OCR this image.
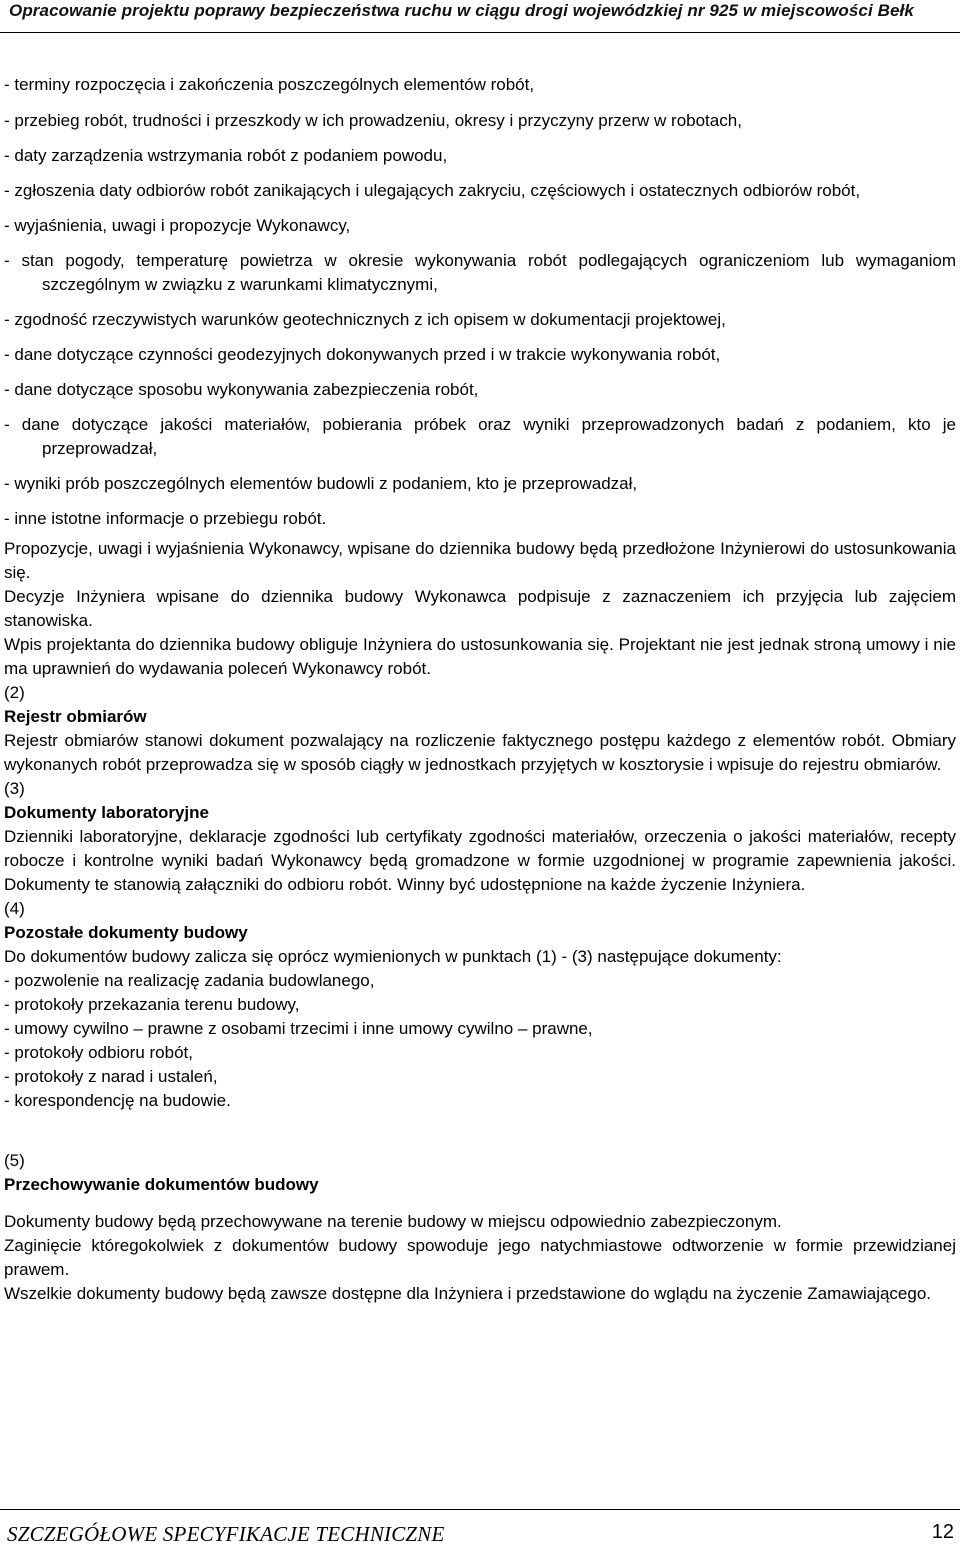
Opracowanie projektu poprawy bezpieczeństwa ruchu w ciągu drogi wojewódzkiej nr 925 w miejscowości Bełk

- terminy rozpoczęcia i zakończenia poszczególnych elementów robót,

- przebieg robót, trudności i przeszkody w ich prowadzeniu, okresy i przyczyny przerw w robotach,

- daty zarządzenia wstrzymania robót z podaniem powodu,

- zgłoszenia daty odbiorów robót zanikających i ulegających zakryciu, częściowych i ostatecznych odbiorów robót,

- wyjaśnienia, uwagi i propozycje Wykonawcy,

- stan pogody, temperaturę powietrza w okresie wykonywania robót podlegających ograniczeniom lub wymaganiom szczególnym w związku z warunkami klimatycznymi,

- zgodność rzeczywistych warunków geotechnicznych z ich opisem w dokumentacji projektowej,

- dane dotyczące czynności geodezyjnych dokonywanych przed i w trakcie wykonywania robót,

- dane dotyczące sposobu wykonywania zabezpieczenia robót,

- dane dotyczące jakości materiałów, pobierania próbek oraz wyniki przeprowadzonych badań z podaniem, kto je przeprowadzał,

- wyniki prób poszczególnych elementów budowli z podaniem, kto je przeprowadzał,

- inne istotne informacje o przebiegu robót.

Propozycje, uwagi i wyjaśnienia Wykonawcy, wpisane do dziennika budowy będą przedłożone Inżynierowi do ustosunkowania się.

Decyzje Inżyniera wpisane do dziennika budowy Wykonawca podpisuje z zaznaczeniem ich przyjęcia lub zajęciem stanowiska.

Wpis projektanta do dziennika budowy obliguje Inżyniera do ustosunkowania się. Projektant nie jest jednak stroną umowy i nie ma uprawnień do wydawania poleceń Wykonawcy robót.

(2)

Rejestr obmiarów

Rejestr obmiarów stanowi dokument pozwalający na rozliczenie faktycznego postępu każdego z elementów robót. Obmiary wykonanych robót przeprowadza się w sposób ciągły w jednostkach przyjętych w kosztorysie i wpisuje do rejestru obmiarów.

(3)

Dokumenty laboratoryjne

Dzienniki laboratoryjne, deklaracje zgodności lub certyfikaty zgodności materiałów, orzeczenia o jakości materiałów, recepty robocze i kontrolne wyniki badań Wykonawcy będą gromadzone w formie uzgodnionej w programie zapewnienia jakości. Dokumenty te stanowią załączniki do odbioru robót. Winny być udostępnione na każde życzenie Inżyniera.

(4)

Pozostałe dokumenty budowy

Do dokumentów budowy zalicza się oprócz wymienionych w punktach (1) - (3) następujące dokumenty:

- pozwolenie na realizację zadania budowlanego,

- protokoły przekazania terenu budowy,

- umowy cywilno – prawne z osobami trzecimi i inne umowy cywilno – prawne,

- protokoły odbioru robót,

- protokoły z narad i ustaleń,

- korespondencję na budowie.

(5)

Przechowywanie dokumentów budowy

Dokumenty budowy będą przechowywane na terenie budowy w miejscu odpowiednio zabezpieczonym.

Zaginięcie któregokolwiek z dokumentów budowy spowoduje jego natychmiastowe odtworzenie w formie przewidzianej prawem.

Wszelkie dokumenty budowy będą zawsze dostępne dla Inżyniera i przedstawione do wglądu na życzenie Zamawiającego.

SZCZEGÓŁOWE SPECYFIKACJE TECHNICZNE	12
